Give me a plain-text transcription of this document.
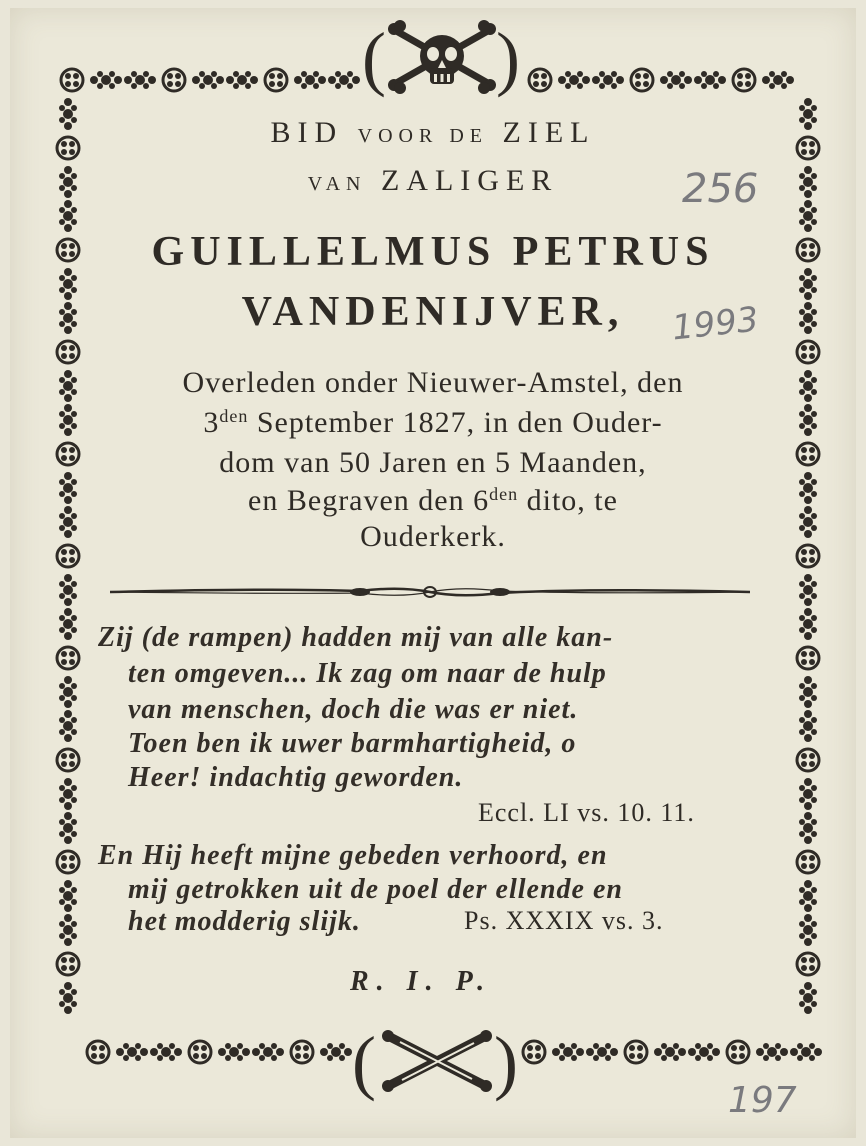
( )
BID VOOR DE ZIEL
VAN ZALIGER	256
GUILLELMUS PETRUS
VANDENIJVER,	1993
Overleden onder Nieuwer-Amstel, den
$3^{den}$ September 1827, in den Ouder-
dom van 50 Jaren en 5 Maanden,
en Begraven den $6^{den}$ dito, te
Ouderkerk.
Zij (de rampen) hadden mij van alle kan-
ten omgeven... Ik zag om naar de hulp
van menschen, doch die was er niet.
Toen ben ik uwer barmhartigheid, o
Heer! indachtig geworden.
Eccl. LI vs. 10. 11.
En Hij heeft mijne gebeden verhoord, en
mij getrokken uit de poel der ellende en
het modderig slijk.	Ps. XXXIX vs. 3.
R. I. P.
( )	197
